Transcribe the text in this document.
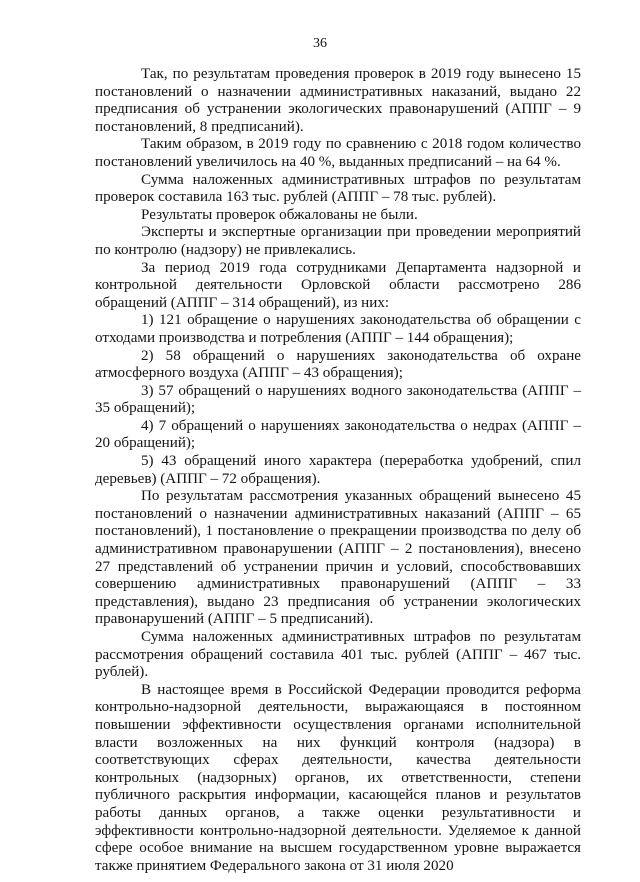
36

Так, по результатам проведения проверок в 2019 году вынесено 15 постановлений о назначении административных наказаний, выдано 22 предписания об устранении экологических правонарушений (АППГ – 9 постановлений, 8 предписаний).

Таким образом, в 2019 году по сравнению с 2018 годом количество постановлений увеличилось на 40 %, выданных предписаний – на 64 %.

Сумма наложенных административных штрафов по результатам проверок составила 163 тыс. рублей (АППГ – 78 тыс. рублей).

Результаты проверок обжалованы не были.

Эксперты и экспертные организации при проведении мероприятий по контролю (надзору) не привлекались.

За период 2019 года сотрудниками Департамента надзорной и контрольной деятельности Орловской области рассмотрено 286 обращений (АППГ – 314 обращений), из них:

1) 121 обращение о нарушениях законодательства об обращении с отходами производства и потребления (АППГ – 144 обращения);

2) 58 обращений о нарушениях законодательства об охране атмосферного воздуха (АППГ – 43 обращения);

3) 57 обращений о нарушениях водного законодательства (АППГ – 35 обращений);

4) 7 обращений о нарушениях законодательства о недрах (АППГ – 20 обращений);

5) 43 обращений иного характера (переработка удобрений, спил деревьев) (АППГ – 72 обращения).

По результатам рассмотрения указанных обращений вынесено 45 постановлений о назначении административных наказаний (АППГ – 65 постановлений), 1 постановление о прекращении производства по делу об административном правонарушении (АППГ – 2 постановления), внесено 27 представлений об устранении причин и условий, способствовавших совершению административных правонарушений (АППГ – 33 представления), выдано 23 предписания об устранении экологических правонарушений (АППГ – 5 предписаний).

Сумма наложенных административных штрафов по результатам рассмотрения обращений составила 401 тыс. рублей (АППГ – 467 тыс. рублей).

В настоящее время в Российской Федерации проводится реформа контрольно-надзорной деятельности, выражающаяся в постоянном повышении эффективности осуществления органами исполнительной власти возложенных на них функций контроля (надзора) в соответствующих сферах деятельности, качества деятельности контрольных (надзорных) органов, их ответственности, степени публичного раскрытия информации, касающейся планов и результатов работы данных органов, а также оценки результативности и эффективности контрольно-надзорной деятельности. Уделяемое к данной сфере особое внимание на высшем государственном уровне выражается также принятием Федерального закона от 31 июля 2020
